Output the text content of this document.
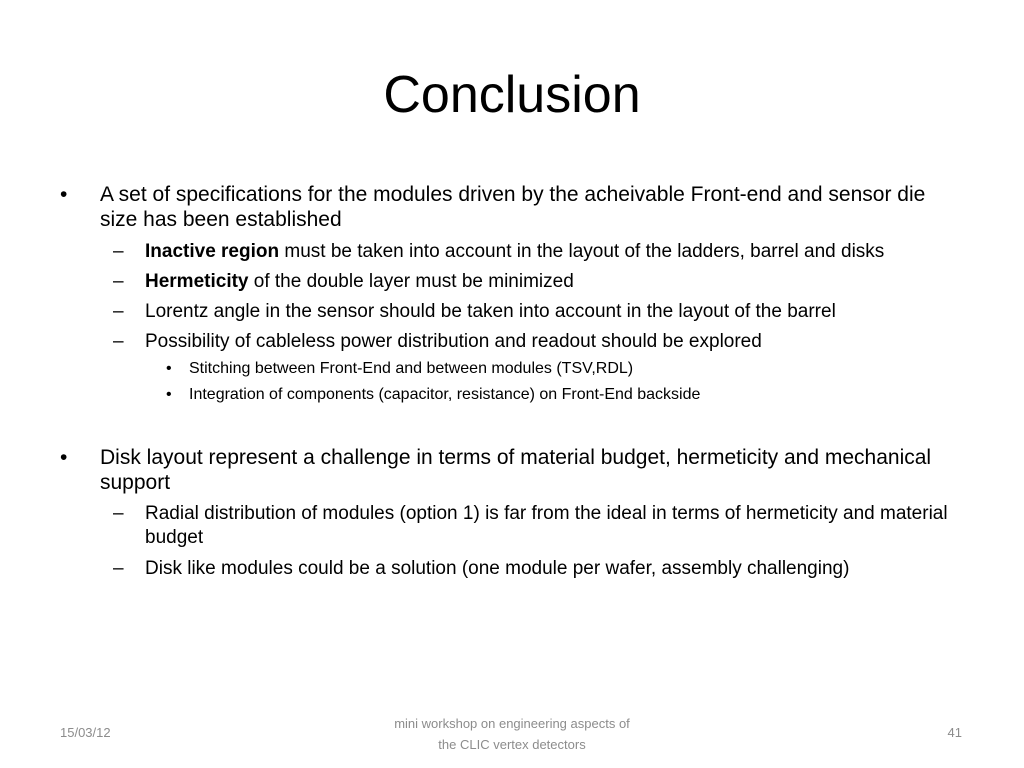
Conclusion
• A set of specifications for the modules driven by the acheivable Front-end and sensor die size has been established
– Inactive region must be taken into account in the layout of the ladders, barrel and disks
– Hermeticity of the double layer must be minimized
– Lorentz angle in the sensor should be taken into account in the layout of the barrel
– Possibility of cableless power distribution and readout should be explored
• Stitching between Front-End and between modules (TSV,RDL)
• Integration of components (capacitor, resistance) on Front-End backside
• Disk layout represent a challenge in terms of material budget, hermeticity and mechanical support
– Radial distribution of modules (option 1) is far from the ideal in terms of hermeticity and material budget
– Disk like modules could be a solution (one module per wafer, assembly challenging)
15/03/12
mini workshop on engineering aspects of
the CLIC vertex detectors
41
